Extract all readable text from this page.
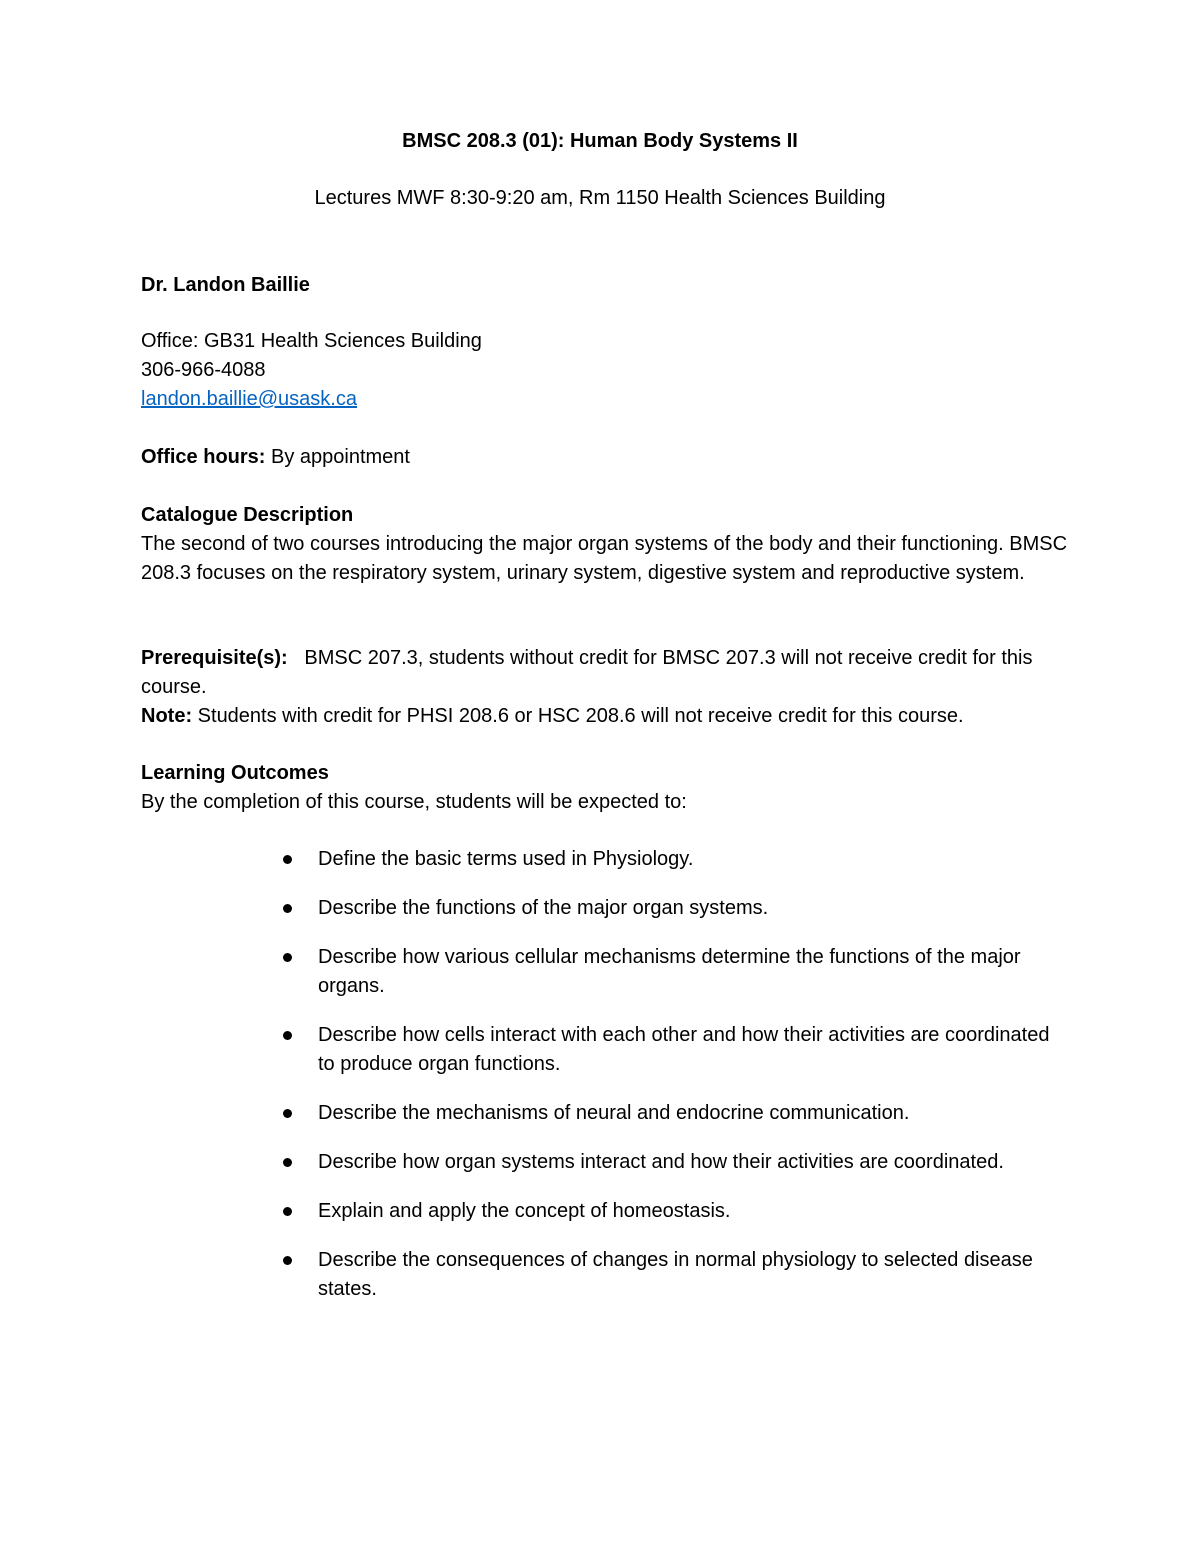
BMSC 208.3 (01): Human Body Systems II
Lectures MWF 8:30-9:20 am, Rm 1150 Health Sciences Building
Dr. Landon Baillie
Office: GB31 Health Sciences Building
306-966-4088
landon.baillie@usask.ca
Office hours: By appointment
Catalogue Description
The second of two courses introducing the major organ systems of the body and their functioning. BMSC 208.3 focuses on the respiratory system, urinary system, digestive system and reproductive system.
Prerequisite(s): BMSC 207.3, students without credit for BMSC 207.3 will not receive credit for this course.
Note: Students with credit for PHSI 208.6 or HSC 208.6 will not receive credit for this course.
Learning Outcomes
By the completion of this course, students will be expected to:
Define the basic terms used in Physiology.
Describe the functions of the major organ systems.
Describe how various cellular mechanisms determine the functions of the major organs.
Describe how cells interact with each other and how their activities are coordinated to produce organ functions.
Describe the mechanisms of neural and endocrine communication.
Describe how organ systems interact and how their activities are coordinated.
Explain and apply the concept of homeostasis.
Describe the consequences of changes in normal physiology to selected disease states.
